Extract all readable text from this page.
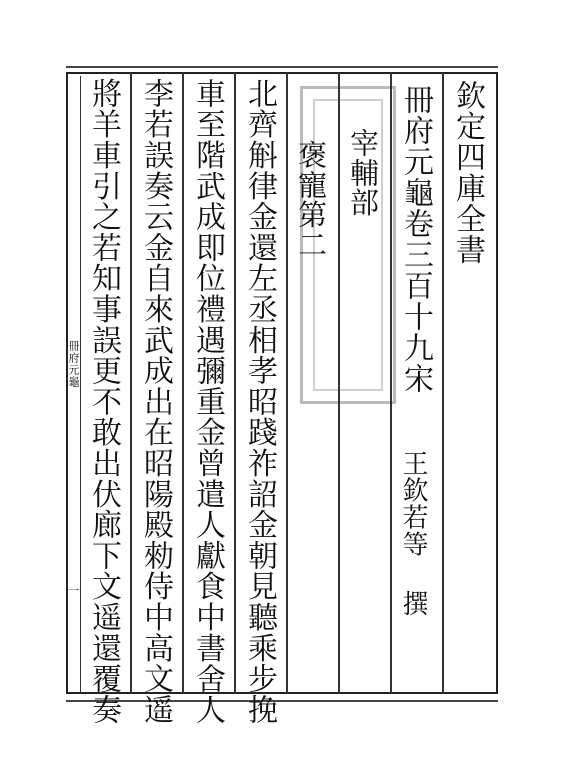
冊府元龜
一
欽定四庫全書
冊府元龜卷三百十九宋
宰輔部
褒寵第二
王欽若等
撰
北齊斛律金還左丞相孝昭踐祚詔金朝見聽乘步挽
車至階武成即位禮遇彌重金曾遣人獻食中書舍人
李若誤奏云金自來武成出在昭陽殿勑侍中高文遥
將羊車引之若知事誤更不敢出伏廊下文遥還覆奏
